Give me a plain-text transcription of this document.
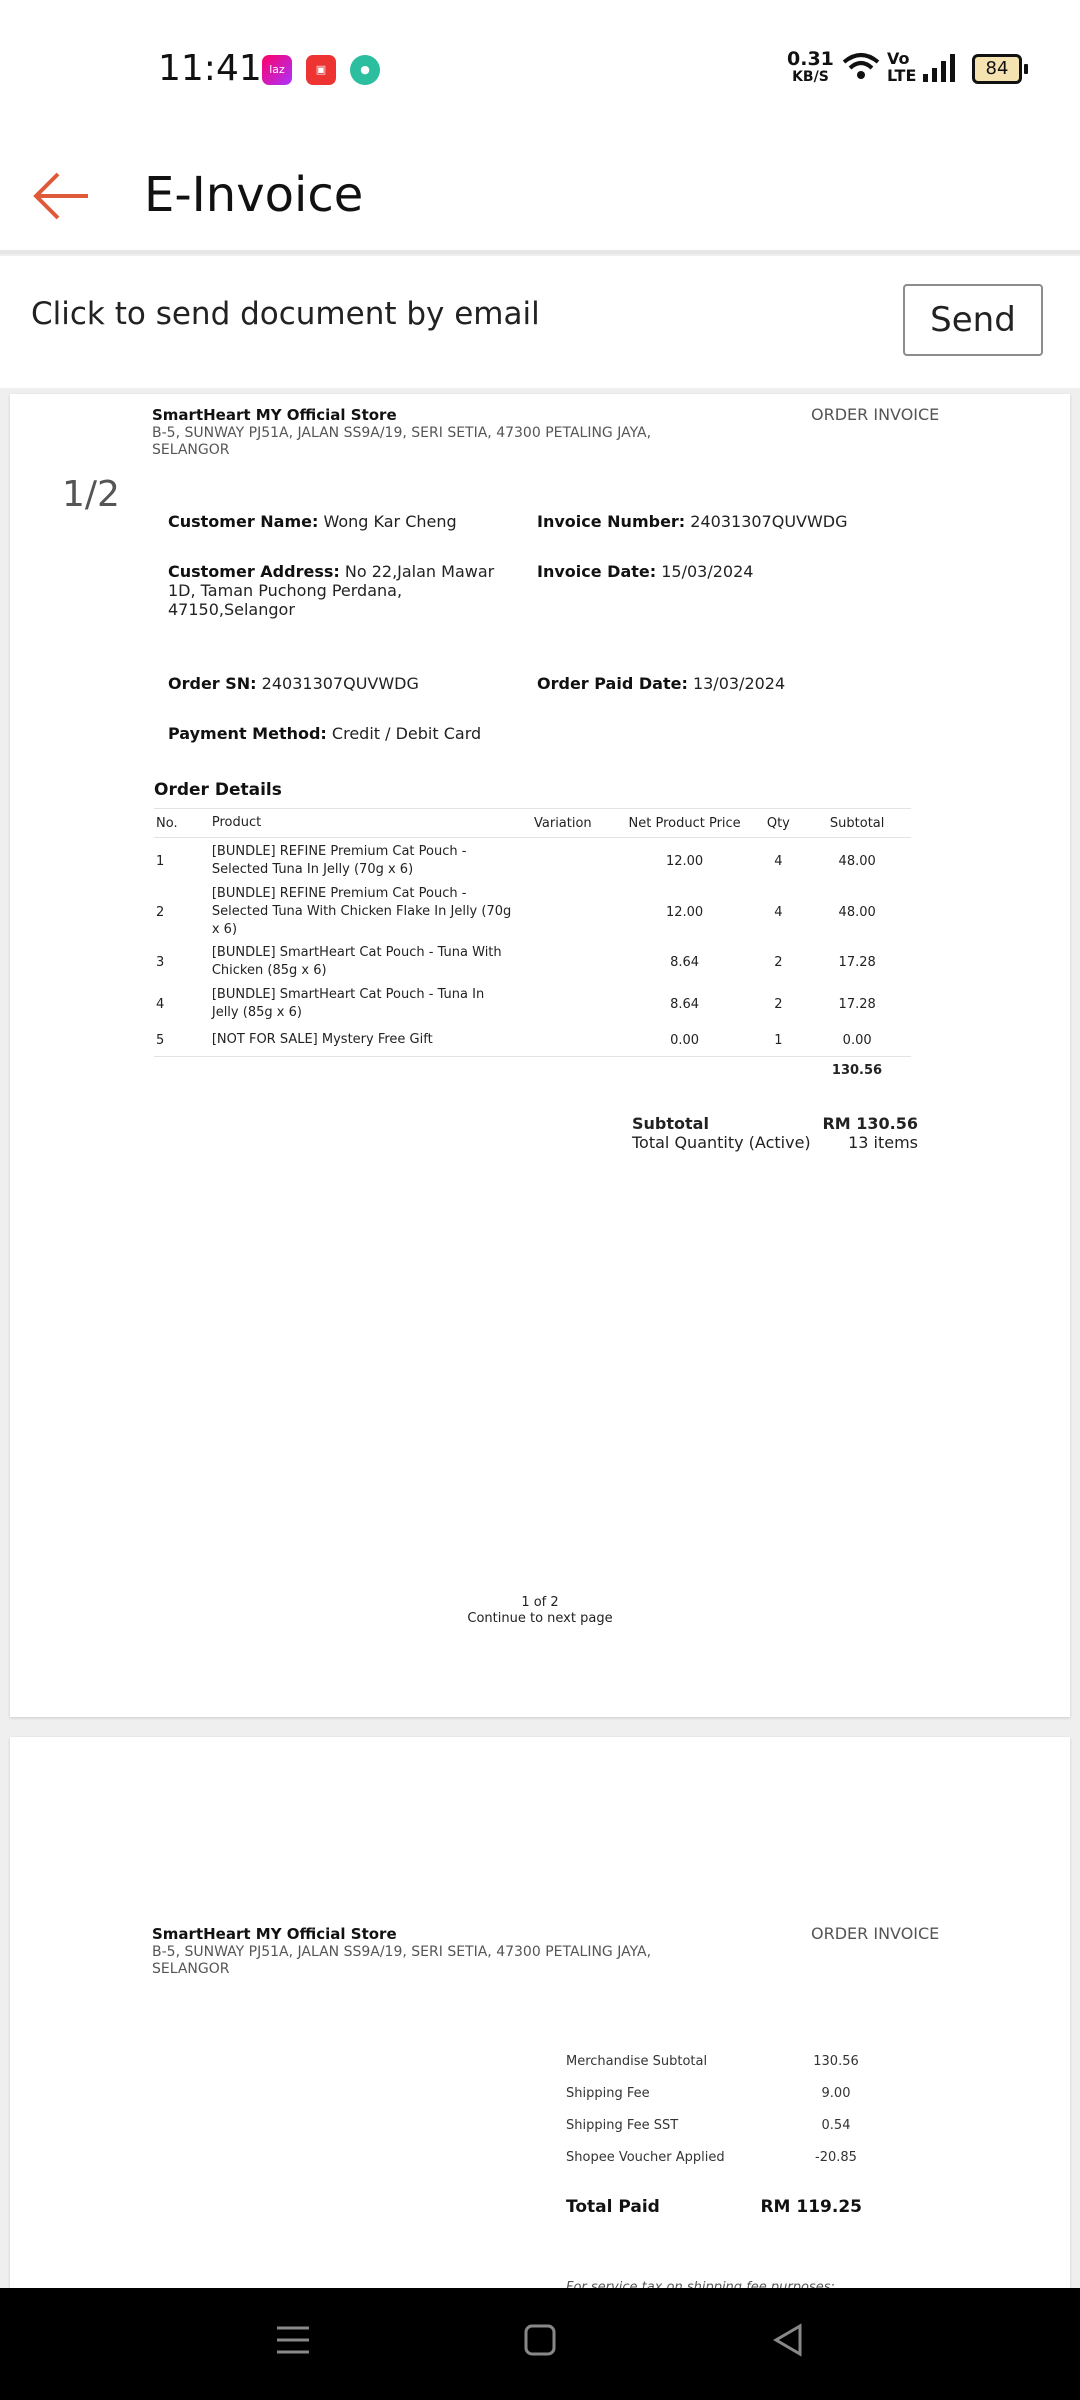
11:41 laz	▣	●	0.31
KB/S
Vo
LTE	84
E-Invoice
Click to send document by email	Send
SmartHeart MY Official Store
B-5, SUNWAY PJ51A, JALAN SS9A/19, SERI SETIA, 47300 PETALING JAYA, SELANGOR
ORDER INVOICE
Customer Name: Wong Kar Cheng	Invoice Number: 24031307QUVWDG
Customer Address: No 22,Jalan Mawar
1D, Taman Puchong Perdana,
47150,Selangor
Invoice Date: 15/03/2024
Order SN: 24031307QUVWDG	Order Paid Date: 13/03/2024
Payment Method: Credit / Debit Card
Order Details
No.	Product	Variation	Net Product Price	Qty	Subtotal
1
[BUNDLE] REFINE Premium Cat Pouch -
Selected Tuna In Jelly (70g x 6)
12.00	4	48.00
2
[BUNDLE] REFINE Premium Cat Pouch -
Selected Tuna With Chicken Flake In Jelly (70g
x 6)
12.00	4	48.00
3
[BUNDLE] SmartHeart Cat Pouch - Tuna With
Chicken (85g x 6)
8.64	2	17.28
4
[BUNDLE] SmartHeart Cat Pouch - Tuna In
Jelly (85g x 6)
8.64	2	17.28
5	[NOT FOR SALE] Mystery Free Gift	0.00	1	0.00
130.56
Subtotal	RM 130.56
Total Quantity (Active) 13 items
1 of 2
Continue to next page
1/2
SmartHeart MY Official Store
B-5, SUNWAY PJ51A, JALAN SS9A/19, SERI SETIA, 47300 PETALING JAYA, SELANGOR
ORDER INVOICE
Merchandise Subtotal	130.56
Shipping Fee	9.00
Shipping Fee SST	0.54
Shopee Voucher Applied	-20.85
Total Paid	RM 119.25
